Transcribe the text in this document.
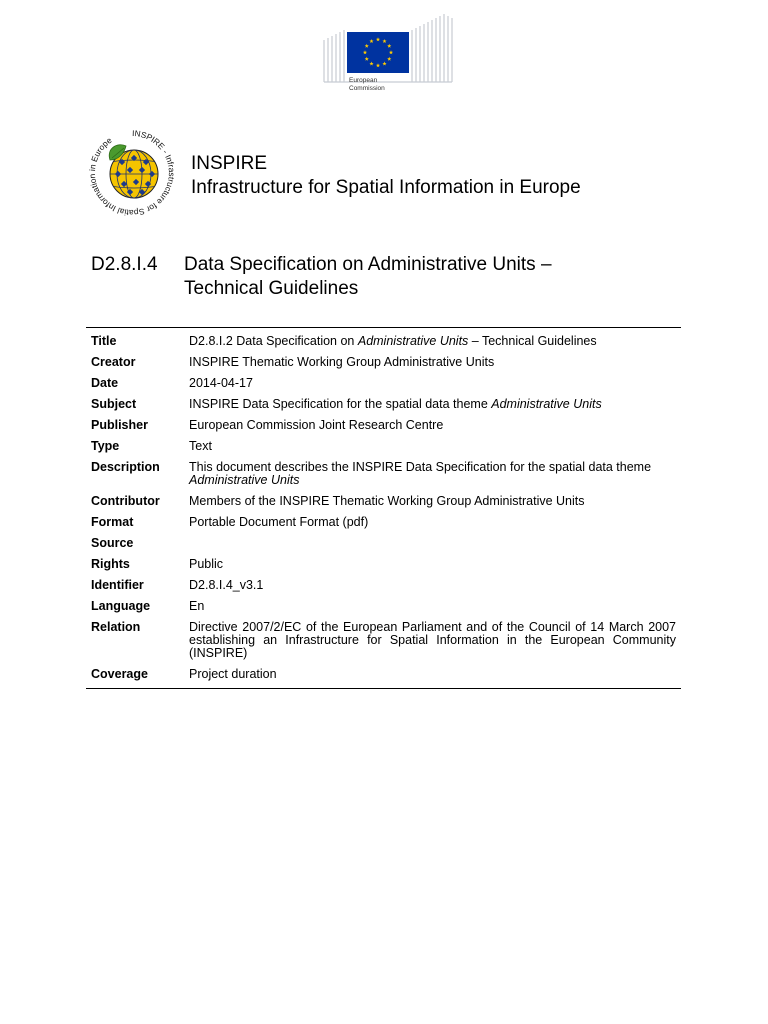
European
Commission
INSPIRE - Infrastructure for Spatial Information in Europe
INSPIRE
Infrastructure for Spatial Information in Europe
D2.8.I.4 Data Specification on Administrative Units –
Technical Guidelines
Title	D2.8.I.2 Data Specification on Administrative Units – Technical Guidelines
Creator	INSPIRE Thematic Working Group Administrative Units
Date	2014-04-17
Subject	INSPIRE Data Specification for the spatial data theme Administrative Units
Publisher	European Commission Joint Research Centre
Type	Text
Description	This document describes the INSPIRE Data Specification for the spatial data theme Administrative Units
Contributor	Members of the INSPIRE Thematic Working Group Administrative Units
Format	Portable Document Format (pdf)
Source	
Rights	Public
Identifier	D2.8.I.4_v3.1
Language	En
Relation	Directive 2007/2/EC of the European Parliament and of the Council of 14 March 2007 establishing an Infrastructure for Spatial Information in the European Community (INSPIRE)
Coverage	Project duration
